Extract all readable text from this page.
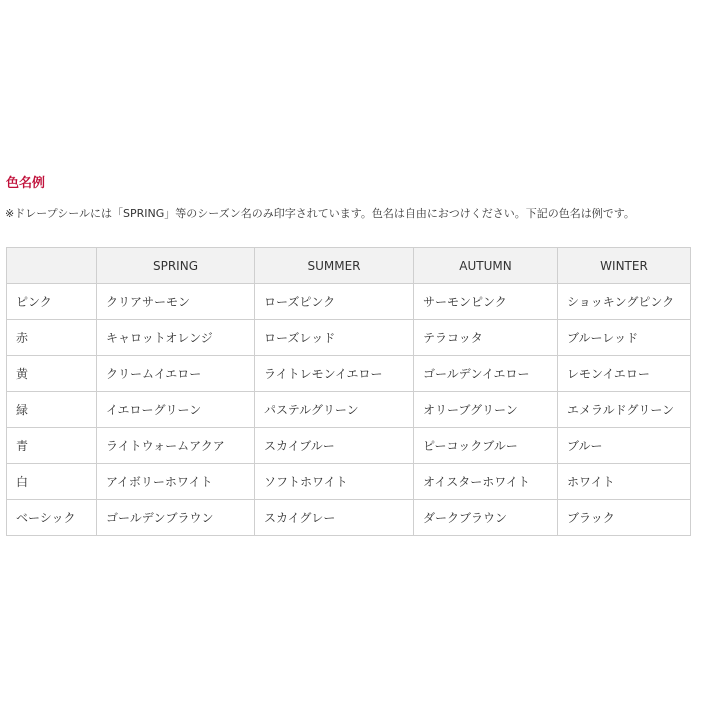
色名例
※ドレープシールには「SPRING」等のシーズン名のみ印字されています。色名は自由におつけください。下記の色名は例です。
	SPRING	SUMMER	AUTUMN	WINTER
ピンク	クリアサーモン	ローズピンク	サーモンピンク	ショッキングピンク
赤	キャロットオレンジ	ローズレッド	テラコッタ	ブルーレッド
黄	クリームイエロー	ライトレモンイエロー	ゴールデンイエロー	レモンイエロー
緑	イエローグリーン	パステルグリーン	オリーブグリーン	エメラルドグリーン
青	ライトウォームアクア	スカイブルー	ピーコックブルー	ブルー
白	アイボリーホワイト	ソフトホワイト	オイスターホワイト	ホワイト
ベーシック	ゴールデンブラウン	スカイグレー	ダークブラウン	ブラック
